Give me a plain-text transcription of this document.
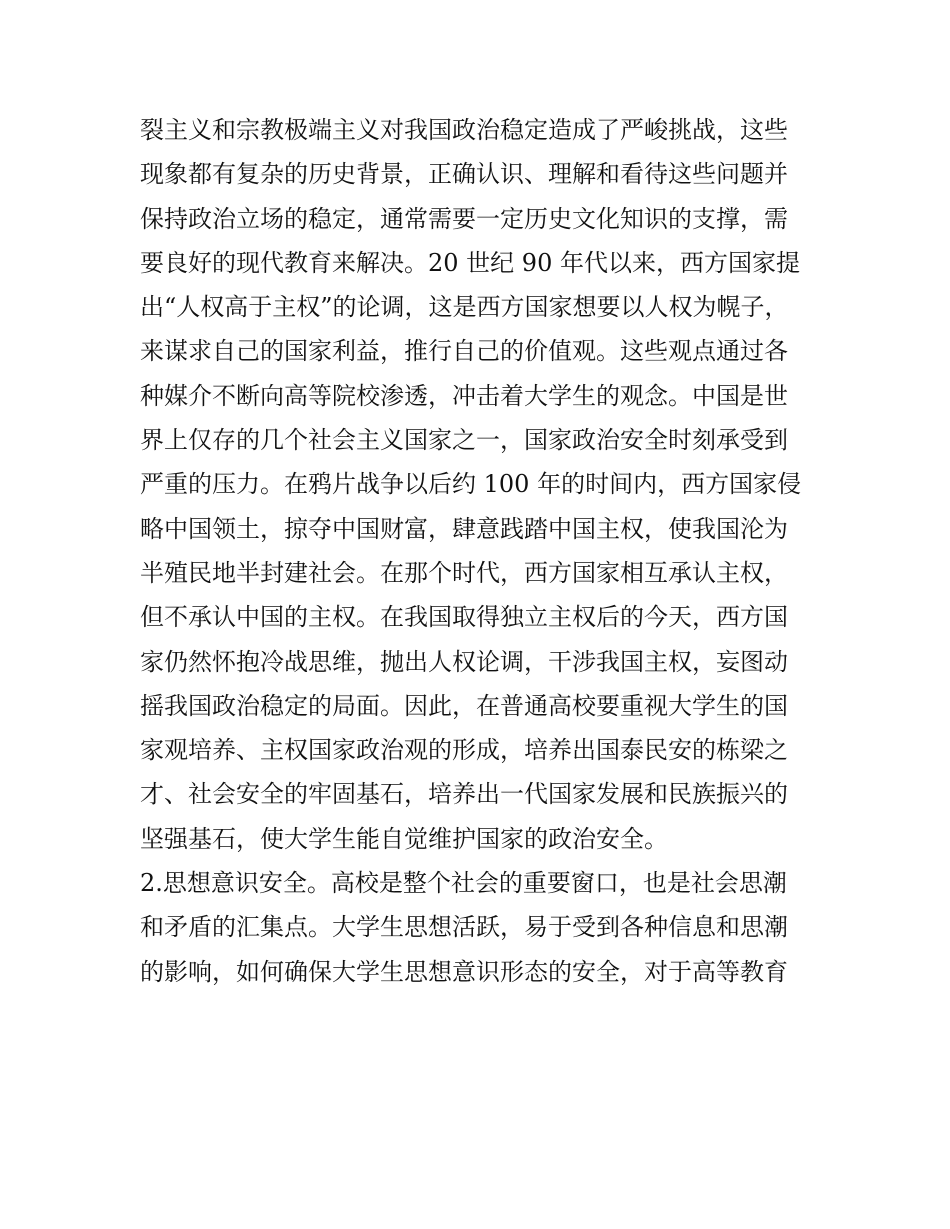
裂主义和宗教极端主义对我国政治稳定造成了严峻挑战，这些
现象都有复杂的历史背景，正确认识、理解和看待这些问题并
保持政治立场的稳定，通常需要一定历史文化知识的支撑，需
要良好的现代教育来解决。20 世纪 90 年代以来，西方国家提
出“人权高于主权”的论调，这是西方国家想要以人权为幌子，
来谋求自己的国家利益，推行自己的价值观。这些观点通过各
种媒介不断向高等院校渗透，冲击着大学生的观念。中国是世
界上仅存的几个社会主义国家之一，国家政治安全时刻承受到
严重的压力。在鸦片战争以后约 100 年的时间内，西方国家侵
略中国领土，掠夺中国财富，肆意践踏中国主权，使我国沦为
半殖民地半封建社会。在那个时代，西方国家相互承认主权，
但不承认中国的主权。在我国取得独立主权后的今天，西方国
家仍然怀抱冷战思维，抛出人权论调，干涉我国主权，妄图动
摇我国政治稳定的局面。因此，在普通高校要重视大学生的国
家观培养、主权国家政治观的形成，培养出国泰民安的栋梁之
才、社会安全的牢固基石，培养出一代国家发展和民族振兴的
坚强基石，使大学生能自觉维护国家的政治安全。
2.思想意识安全。高校是整个社会的重要窗口，也是社会思潮
和矛盾的汇集点。大学生思想活跃，易于受到各种信息和思潮
的影响，如何确保大学生思想意识形态的安全，对于高等教育
